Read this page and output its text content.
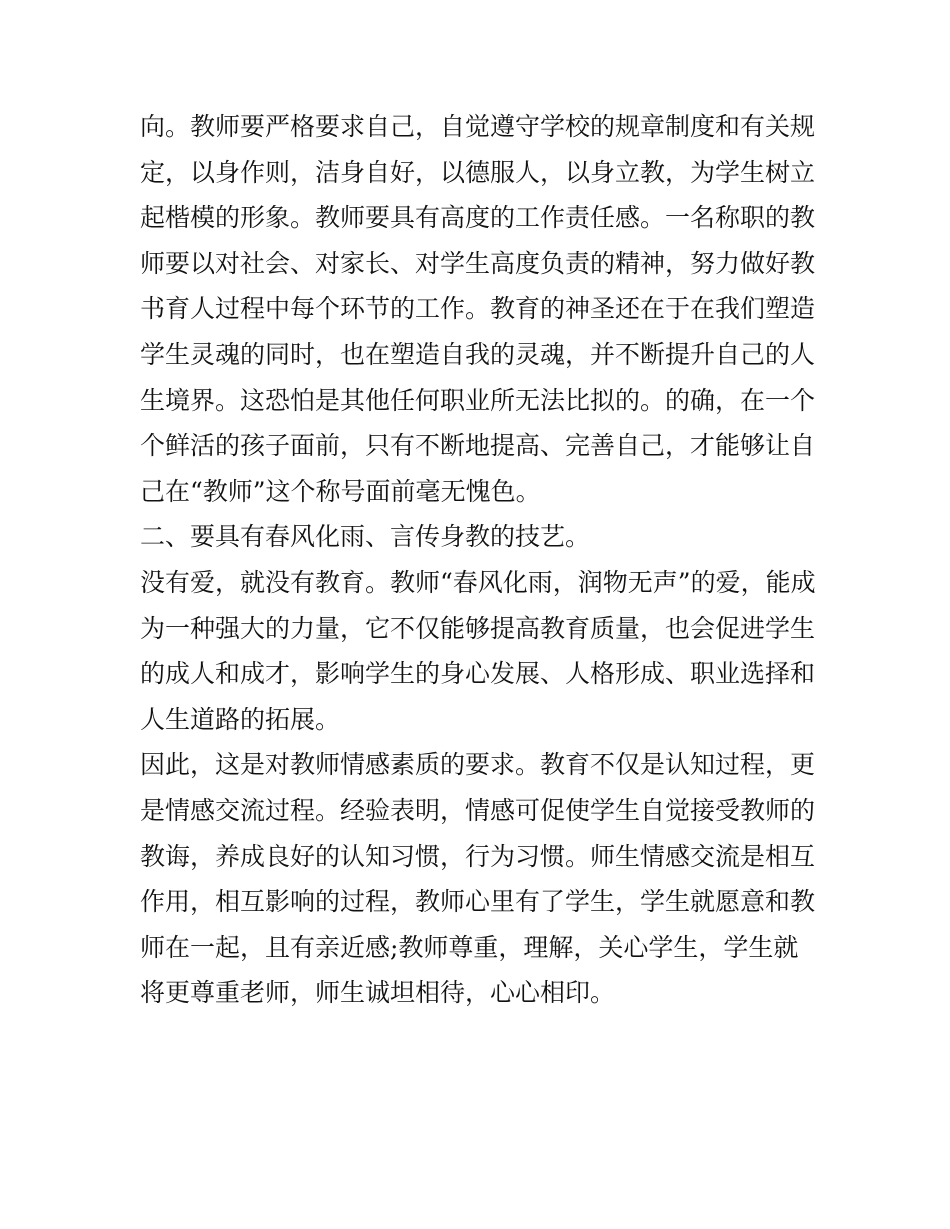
向。教师要严格要求自己，自觉遵守学校的规章制度和有关规
定，以身作则，洁身自好，以德服人，以身立教，为学生树立
起楷模的形象。教师要具有高度的工作责任感。一名称职的教
师要以对社会、对家长、对学生高度负责的精神，努力做好教
书育人过程中每个环节的工作。教育的神圣还在于在我们塑造
学生灵魂的同时，也在塑造自我的灵魂，并不断提升自己的人
生境界。这恐怕是其他任何职业所无法比拟的。的确，在一个
个鲜活的孩子面前，只有不断地提高、完善自己，才能够让自
己在“教师”这个称号面前毫无愧色。
二、要具有春风化雨、言传身教的技艺。
没有爱，就没有教育。教师“春风化雨，润物无声”的爱，能成
为一种强大的力量，它不仅能够提高教育质量，也会促进学生
的成人和成才，影响学生的身心发展、人格形成、职业选择和
人生道路的拓展。
因此，这是对教师情感素质的要求。教育不仅是认知过程，更
是情感交流过程。经验表明，情感可促使学生自觉接受教师的
教诲，养成良好的认知习惯，行为习惯。师生情感交流是相互
作用，相互影响的过程，教师心里有了学生，学生就愿意和教
师在一起，且有亲近感;教师尊重，理解，关心学生，学生就
将更尊重老师，师生诚坦相待，心心相印。
